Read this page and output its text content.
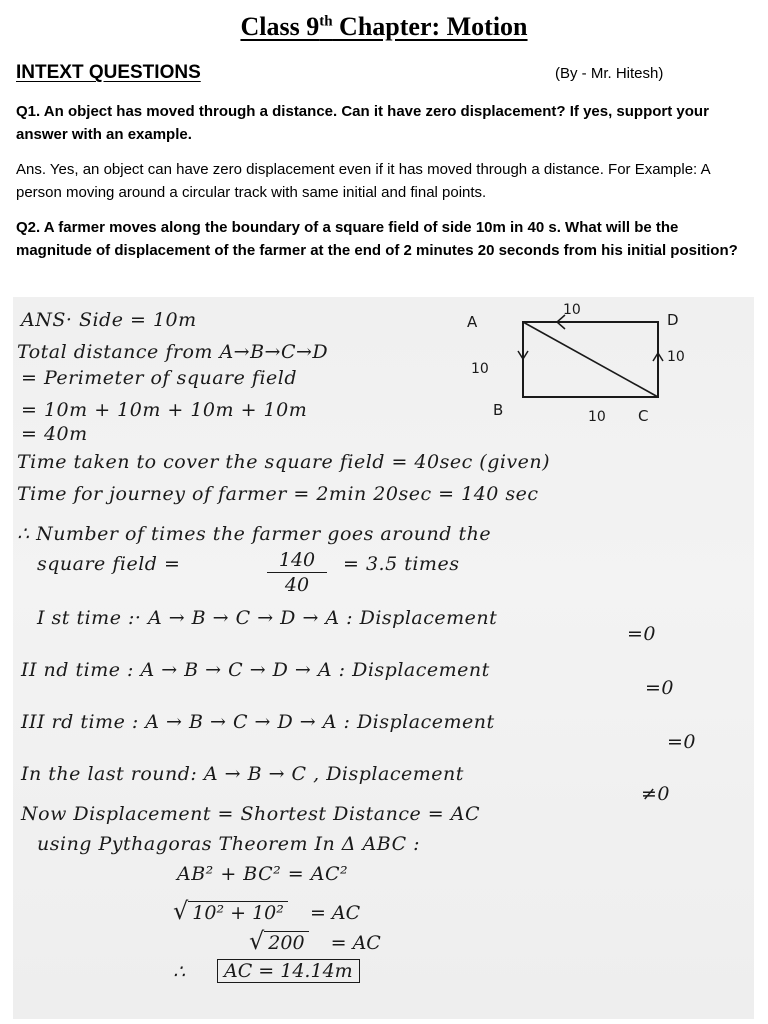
Class 9th Chapter: Motion
INTEXT QUESTIONS	(By - Mr. Hitesh)
Q1. An object has moved through a distance. Can it have zero displacement? If yes, support your answer with an example.
Ans. Yes, an object can have zero displacement even if it has moved through a distance. For Example: A person moving around a circular track with same initial and final points.
Q2. A farmer moves along the boundary of a square field of side 10m in 40 s. What will be the magnitude of displacement of the farmer at the end of 2 minutes 20 seconds from his initial position?
A	D
B	C
10
10
10
10
ANS· Side = 10m
Total distance from A→B→C→D
= Perimeter of square field
= 10m + 10m + 10m + 10m
= 40m
Time taken to cover the square field = 40sec (given)
Time for journey of farmer = 2min 20sec = 140 sec
∴ Number of times the farmer goes around the
square field =	$\frac{140}{40} = 3.5$ times
I st time :· A → B → C → D → A : Displacement
=0
II nd time : A → B → C → D → A : Displacement
=0
III rd time : A → B → C → D → A : Displacement
=0
In the last round: A → B → C , Displacement
≠0
Now Displacement = Shortest Distance = AC
using Pythagoras Theorem In Δ ABC :
AB² + BC² = AC²
√ 10² + 10² = AC
√ 200 = AC
∴	AC = 14.14m
